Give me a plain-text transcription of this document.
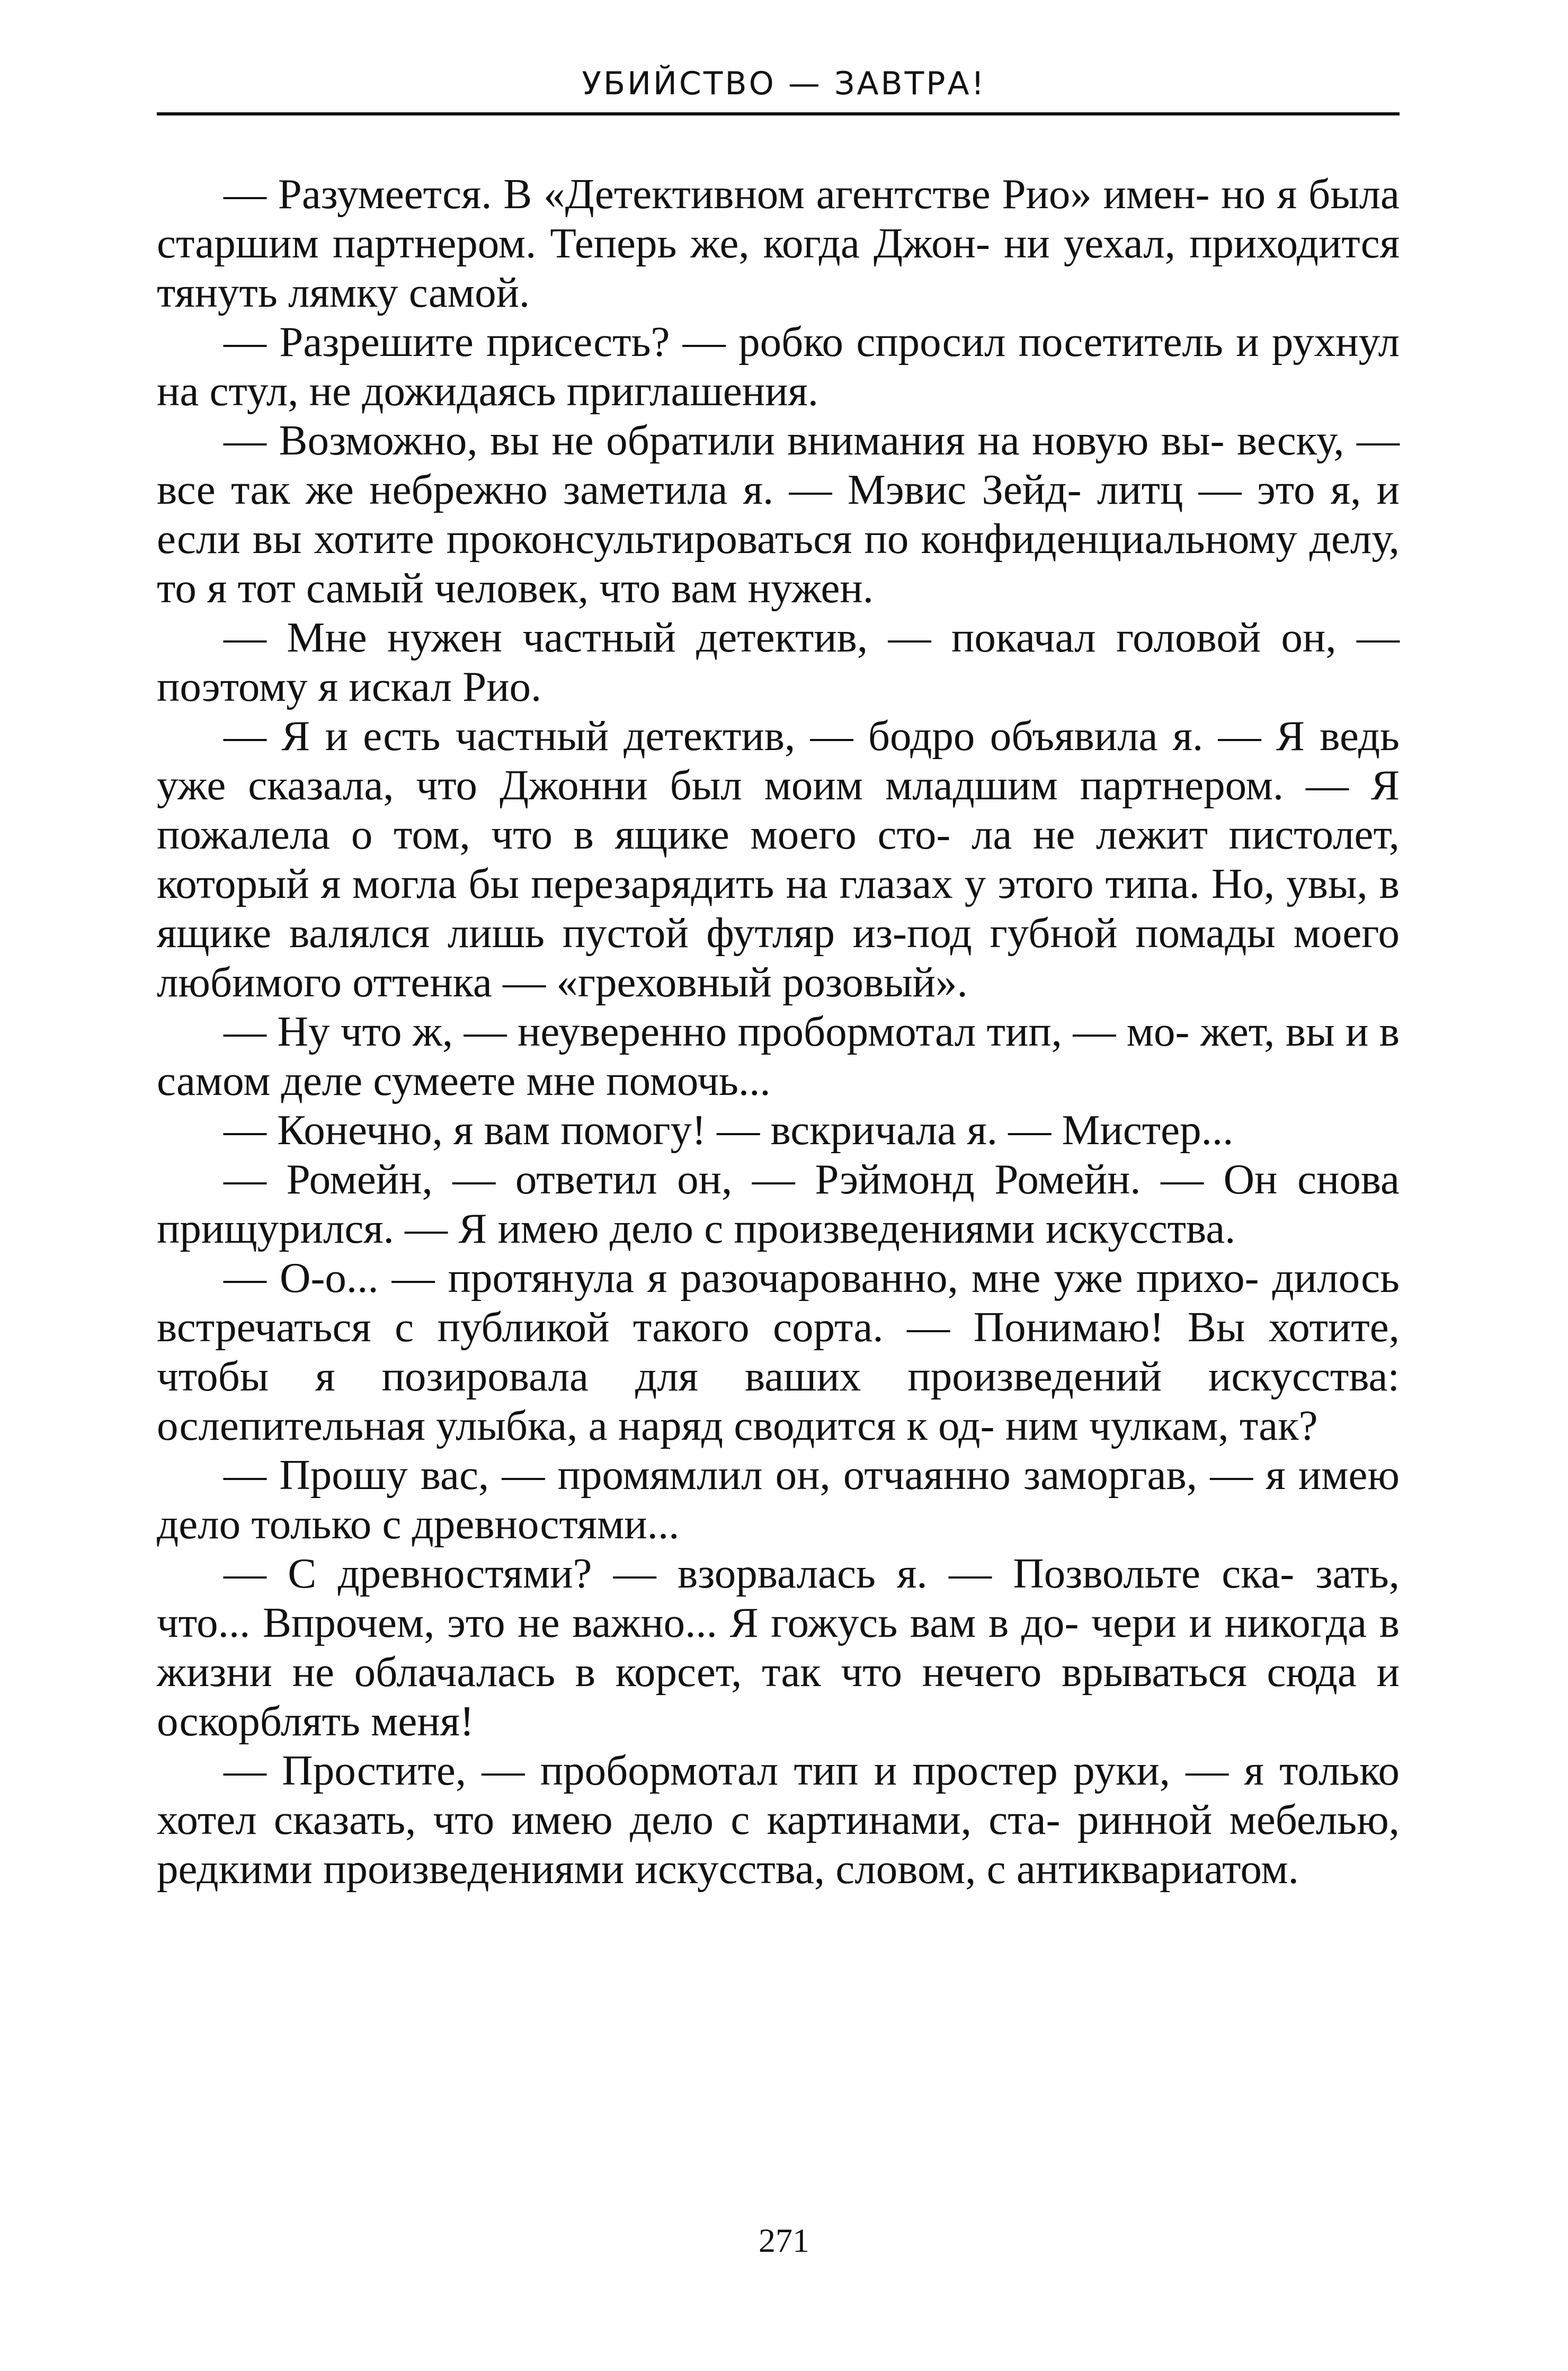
УБИЙСТВО — ЗАВТРА!

— Разумеется. В «Детективном агентстве Рио» имен- но я была старшим партнером. Теперь же, когда Джон- ни уехал, приходится тянуть лямку самой.

— Разрешите присесть? — робко спросил посетитель и рухнул на стул, не дожидаясь приглашения.

— Возможно, вы не обратили внимания на новую вы- веску, — все так же небрежно заметила я. — Мэвис Зейд- литц — это я, и если вы хотите проконсультироваться по конфиденциальному делу, то я тот самый человек, что вам нужен.

— Мне нужен частный детектив, — покачал головой он, — поэтому я искал Рио.

— Я и есть частный детектив, — бодро объявила я. — Я ведь уже сказала, что Джонни был моим младшим партнером. — Я пожалела о том, что в ящике моего сто- ла не лежит пистолет, который я могла бы перезарядить на глазах у этого типа. Но, увы, в ящике валялся лишь пустой футляр из-под губной помады моего любимого оттенка — «греховный розовый».

— Ну что ж, — неуверенно пробормотал тип, — мо- жет, вы и в самом деле сумеете мне помочь...

— Конечно, я вам помогу! — вскричала я. — Мистер...

— Ромейн, — ответил он, — Рэймонд Ромейн. — Он снова прищурился. — Я имею дело с произведениями искусства.

— О-о... — протянула я разочарованно, мне уже прихо- дилось встречаться с публикой такого сорта. — Понимаю! Вы хотите, чтобы я позировала для ваших произведений искусства: ослепительная улыбка, а наряд сводится к од- ним чулкам, так?

— Прошу вас, — промямлил он, отчаянно заморгав, — я имею дело только с древностями...

— С древностями? — взорвалась я. — Позвольте ска- зать, что... Впрочем, это не важно... Я гожусь вам в до- чери и никогда в жизни не облачалась в корсет, так что нечего врываться сюда и оскорблять меня!

— Простите, — пробормотал тип и простер руки, — я только хотел сказать, что имею дело с картинами, ста- ринной мебелью, редкими произведениями искусства, словом, с антиквариатом.

271
